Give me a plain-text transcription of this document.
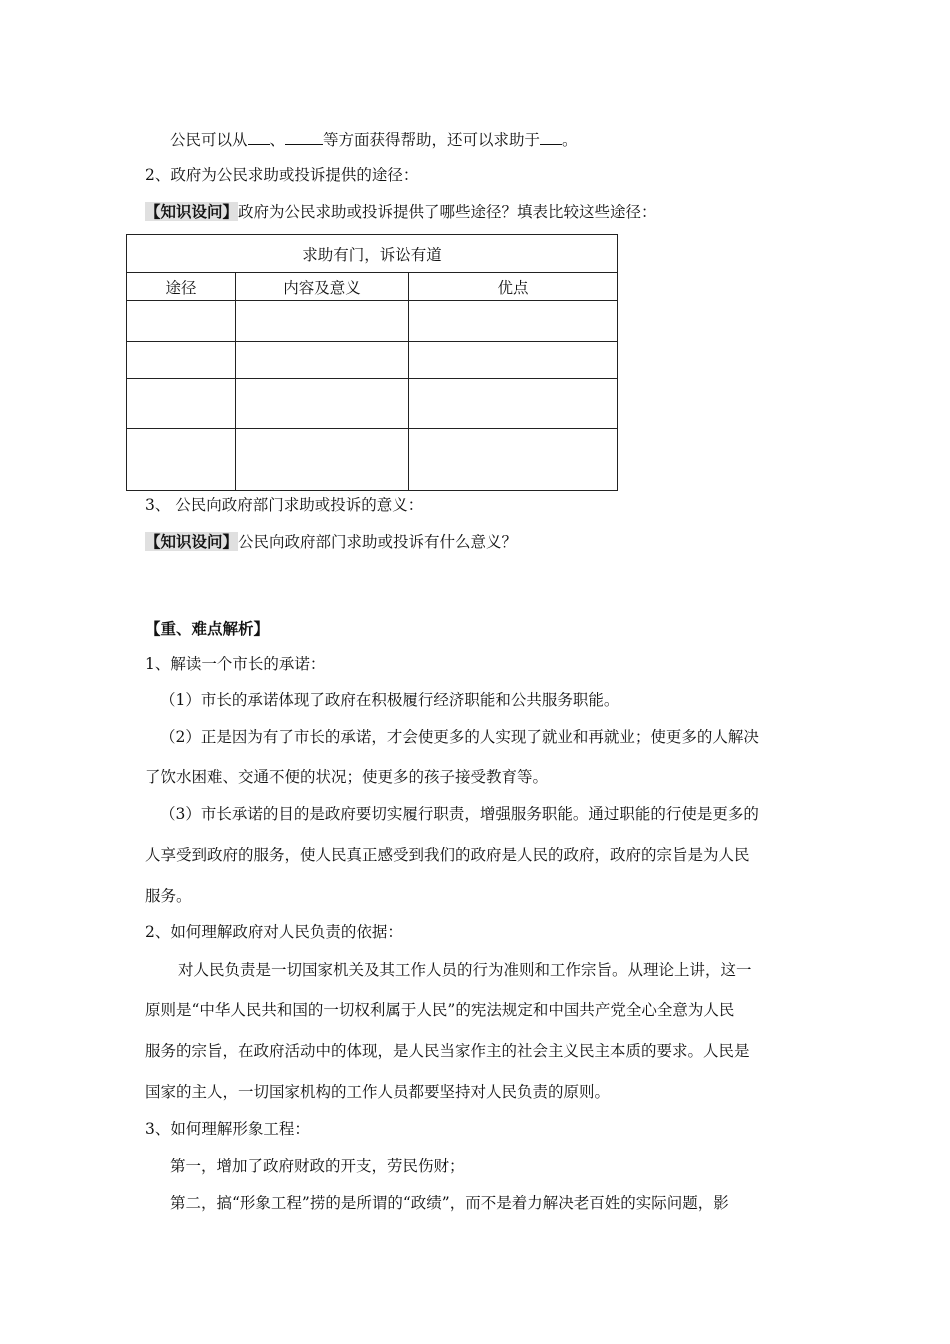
公民可以从 、 等方面获得帮助，还可以求助于 。
2、政府为公民求助或投诉提供的途径：
【知识设问】政府为公民求助或投诉提供了哪些途径？填表比较这些途径：
求助有门，诉讼有道		
途径	内容及意义	优点

3、 公民向政府部门求助或投诉的意义：
【知识设问】公民向政府部门求助或投诉有什么意义？
【重、难点解析】
1、解读一个市长的承诺：
（1）市长的承诺体现了政府在积极履行经济职能和公共服务职能。
（2）正是因为有了市长的承诺，才会使更多的人实现了就业和再就业；使更多的人解决
了饮水困难、交通不便的状况；使更多的孩子接受教育等。
（3）市长承诺的目的是政府要切实履行职责，增强服务职能。通过职能的行使是更多的
人享受到政府的服务，使人民真正感受到我们的政府是人民的政府，政府的宗旨是为人民
服务。
2、如何理解政府对人民负责的依据：
对人民负责是一切国家机关及其工作人员的行为准则和工作宗旨。从理论上讲，这一
原则是“中华人民共和国的一切权利属于人民”的宪法规定和中国共产党全心全意为人民
服务的宗旨，在政府活动中的体现，是人民当家作主的社会主义民主本质的要求。人民是
国家的主人，一切国家机构的工作人员都要坚持对人民负责的原则。
3、如何理解形象工程：
第一，增加了政府财政的开支，劳民伤财；
第二，搞“形象工程”捞的是所谓的“政绩”，而不是着力解决老百姓的实际问题，影
